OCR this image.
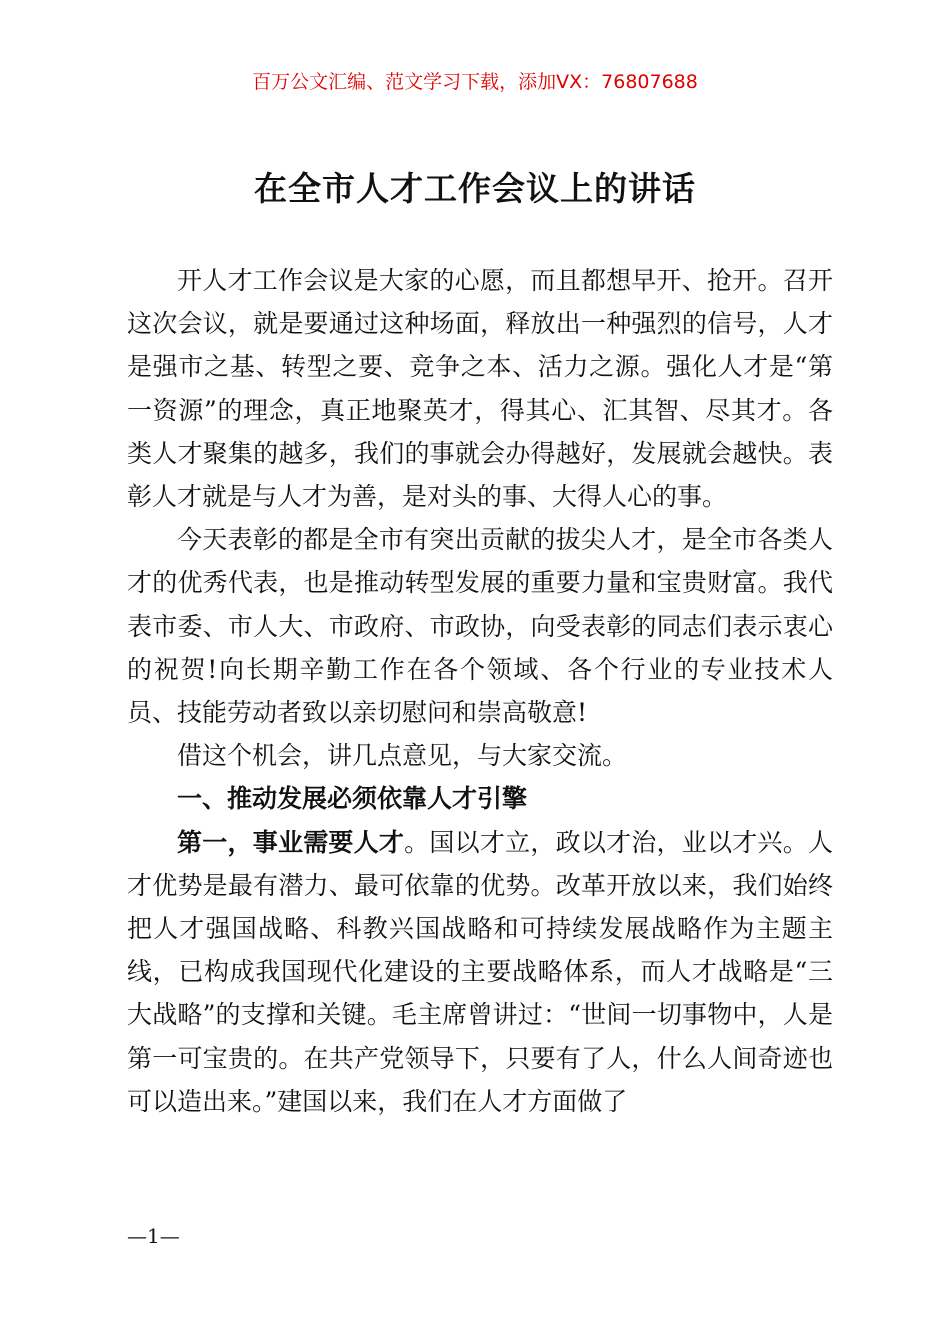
百万公文汇编、范文学习下载，添加VX：76807688
在全市人才工作会议上的讲话

开人才工作会议是大家的心愿，而且都想早开、抢开。召开这次会议，就是要通过这种场面，释放出一种强烈的信号，人才是强市之基、转型之要、竞争之本、活力之源。强化人才是“第一资源”的理念，真正地聚英才，得其心、汇其智、尽其才。各类人才聚集的越多，我们的事就会办得越好，发展就会越快。表彰人才就是与人才为善，是对头的事、大得人心的事。

今天表彰的都是全市有突出贡献的拔尖人才，是全市各类人才的优秀代表，也是推动转型发展的重要力量和宝贵财富。我代表市委、市人大、市政府、市政协，向受表彰的同志们表示衷心的祝贺!向长期辛勤工作在各个领域、各个行业的专业技术人员、技能劳动者致以亲切慰问和崇高敬意!

借这个机会，讲几点意见，与大家交流。

一、推动发展必须依靠人才引擎

第一，事业需要人才。国以才立，政以才治，业以才兴。人才优势是最有潜力、最可依靠的优势。改革开放以来，我们始终把人才强国战略、科教兴国战略和可持续发展战略作为主题主线，已构成我国现代化建设的主要战略体系，而人才战略是“三大战略”的支撑和关键。毛主席曾讲过：“世间一切事物中，人是第一可宝贵的。在共产党领导下，只要有了人，什么人间奇迹也可以造出来。”建国以来，我们在人才方面做了

—1—
